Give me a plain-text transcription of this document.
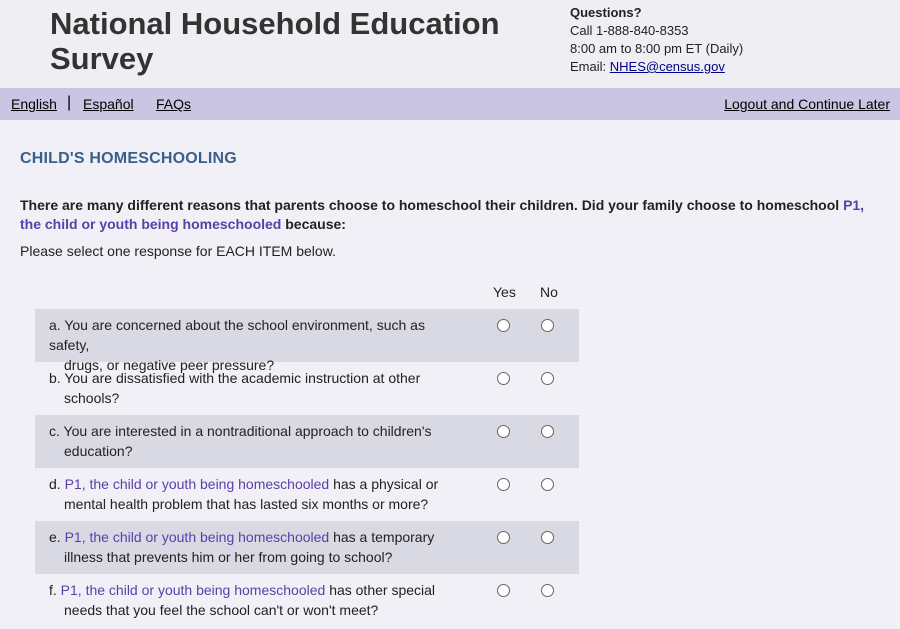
National Household Education
Survey
Questions?
Call 1-888-840-8353
8:00 am to 8:00 pm ET (Daily)
Email: NHES@census.gov
English | Español FAQs	Logout and Continue Later
CHILD'S HOMESCHOOLING
There are many different reasons that parents choose to homeschool their children. Did your family choose to homeschool P1, the child or youth being homeschooled because:
Please select one response for EACH ITEM below.
Yes No
a. You are concerned about the school environment, such as safety,
drugs, or negative peer pressure?
b. You are dissatisfied with the academic instruction at other
schools?
c. You are interested in a nontraditional approach to children's
education?
d. P1, the child or youth being homeschooled has a physical or
mental health problem that has lasted six months or more?
e. P1, the child or youth being homeschooled has a temporary
illness that prevents him or her from going to school?
f. P1, the child or youth being homeschooled has other special
needs that you feel the school can't or won't meet?
